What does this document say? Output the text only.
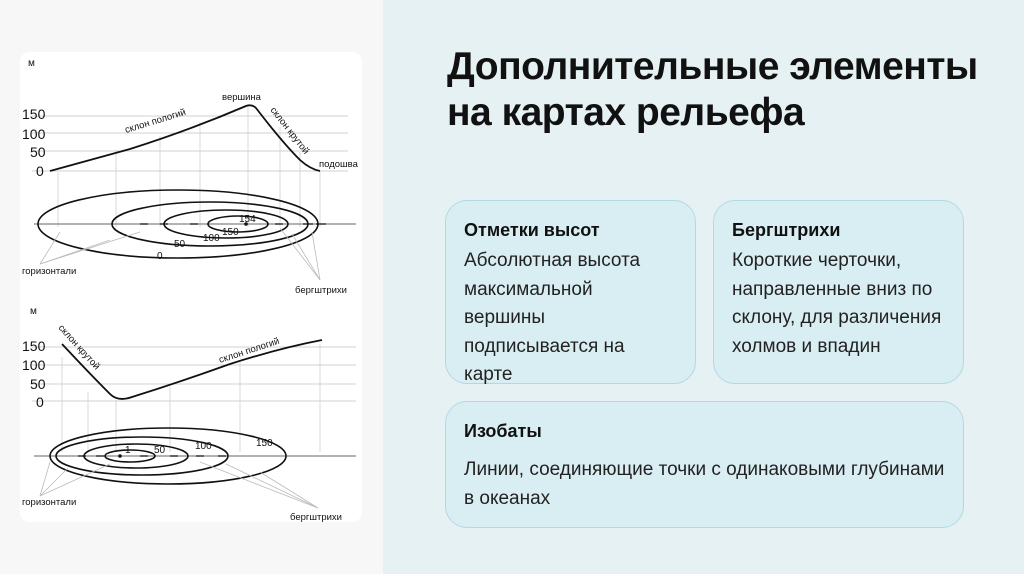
м
150
100
50
0
склон пологий
вершина
склон крутой
подошва
154
150
100
50
0
горизонтали
бергштрихи
м
150
100
50
0
склон крутой	склон пологий
1 50	100	150
горизонтали
бергштрихи
Дополнительные элементы на картах рельефа
Отметки высот

Абсолютная высота максимальной вершины подписывается на карте

Бергштрихи

Короткие черточки, направленные вниз по склону, для различения холмов и впадин

Изобаты

Линии, соединяющие точки с одинаковыми глубинами в океанах
